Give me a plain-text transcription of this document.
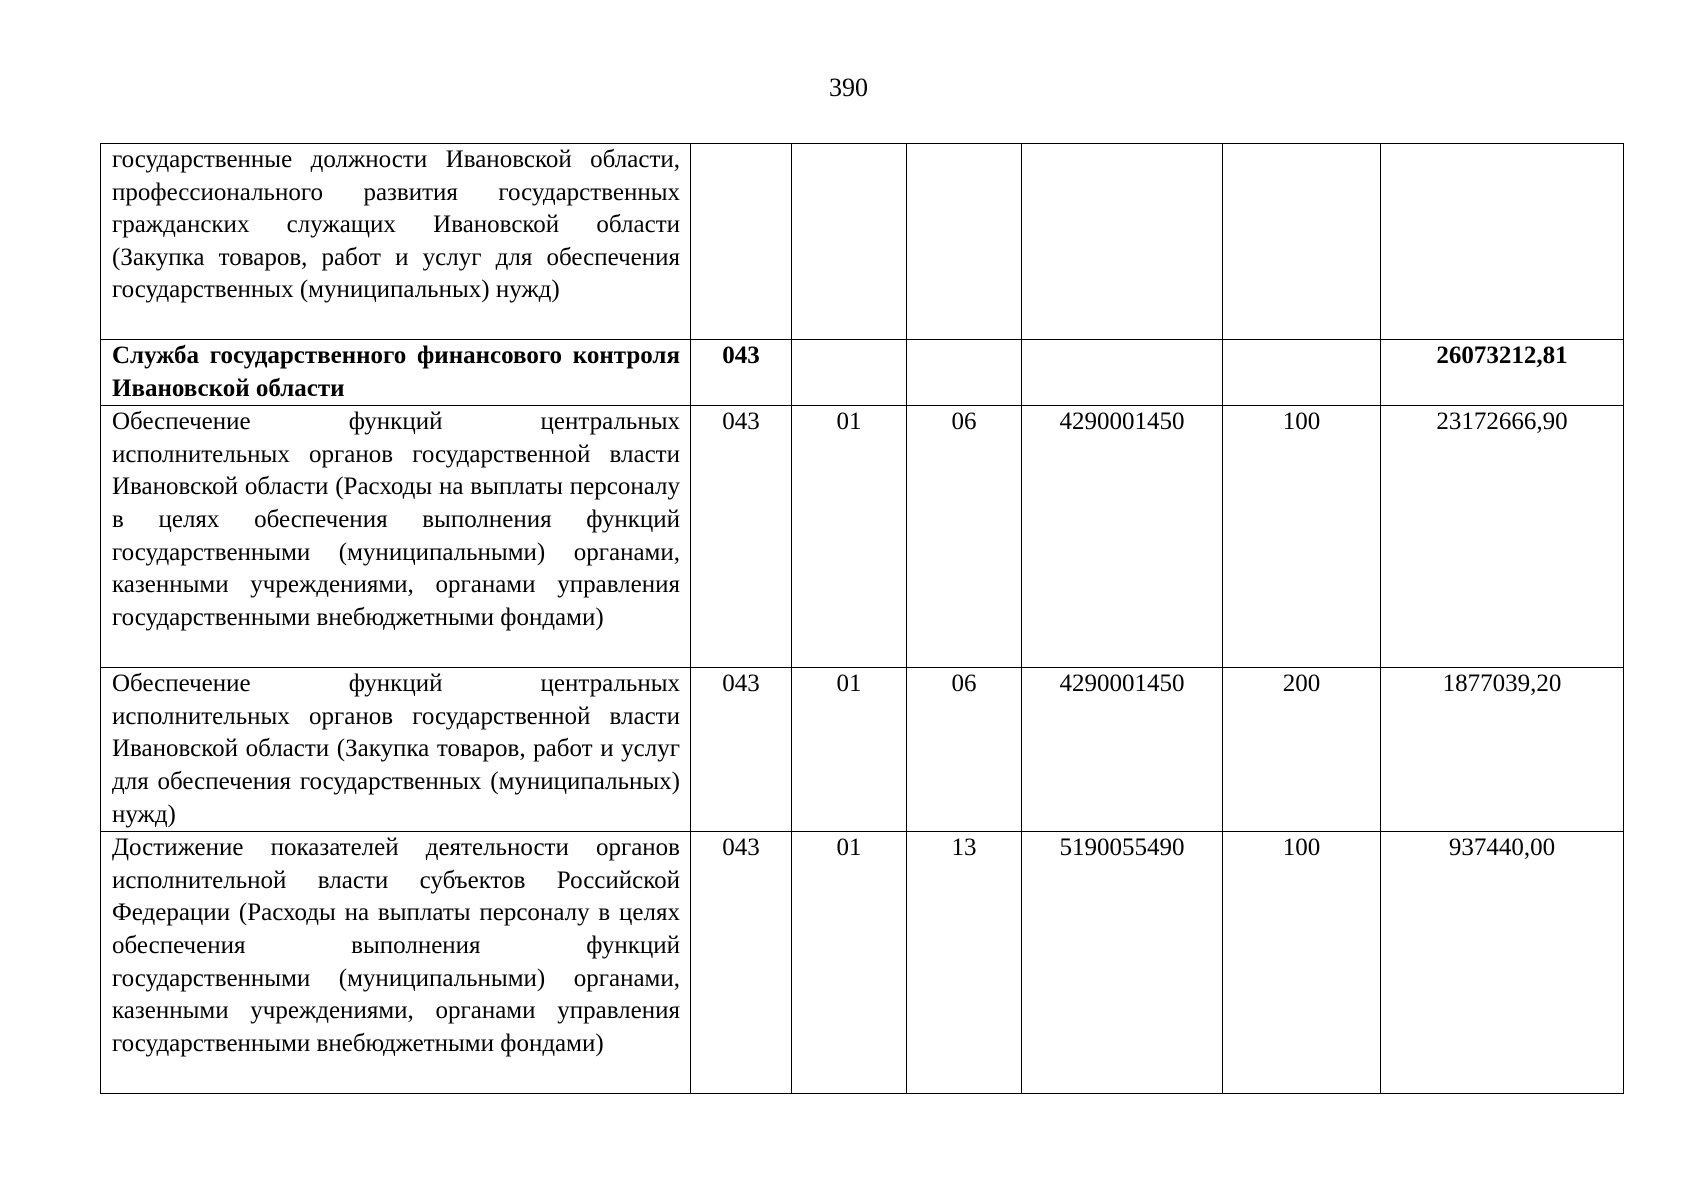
390
государственные должности Ивановской области, профессионального развития государственных гражданских служащих Ивановской области (Закупка товаров, работ и услуг для обеспечения государственных (муниципальных) нужд)						
Служба государственного финансового контроля Ивановской области	043					26073212,81
Обеспечение функций центральных исполнительных органов государственной власти Ивановской области (Расходы на выплаты персоналу в целях обеспечения выполнения функций государственными (муниципальными) органами, казенными учреждениями, органами управления государственными внебюджетными фондами)	043	01	06	4290001450	100	23172666,90
Обеспечение функций центральных исполнительных органов государственной власти Ивановской области (Закупка товаров, работ и услуг для обеспечения государственных (муниципальных) нужд)	043	01	06	4290001450	200	1877039,20
Достижение показателей деятельности органов исполнительной власти субъектов Российской Федерации (Расходы на выплаты персоналу в целях обеспечения выполнения функций государственными (муниципальными) органами, казенными учреждениями, органами управления государственными внебюджетными фондами)	043	01	13	5190055490	100	937440,00
